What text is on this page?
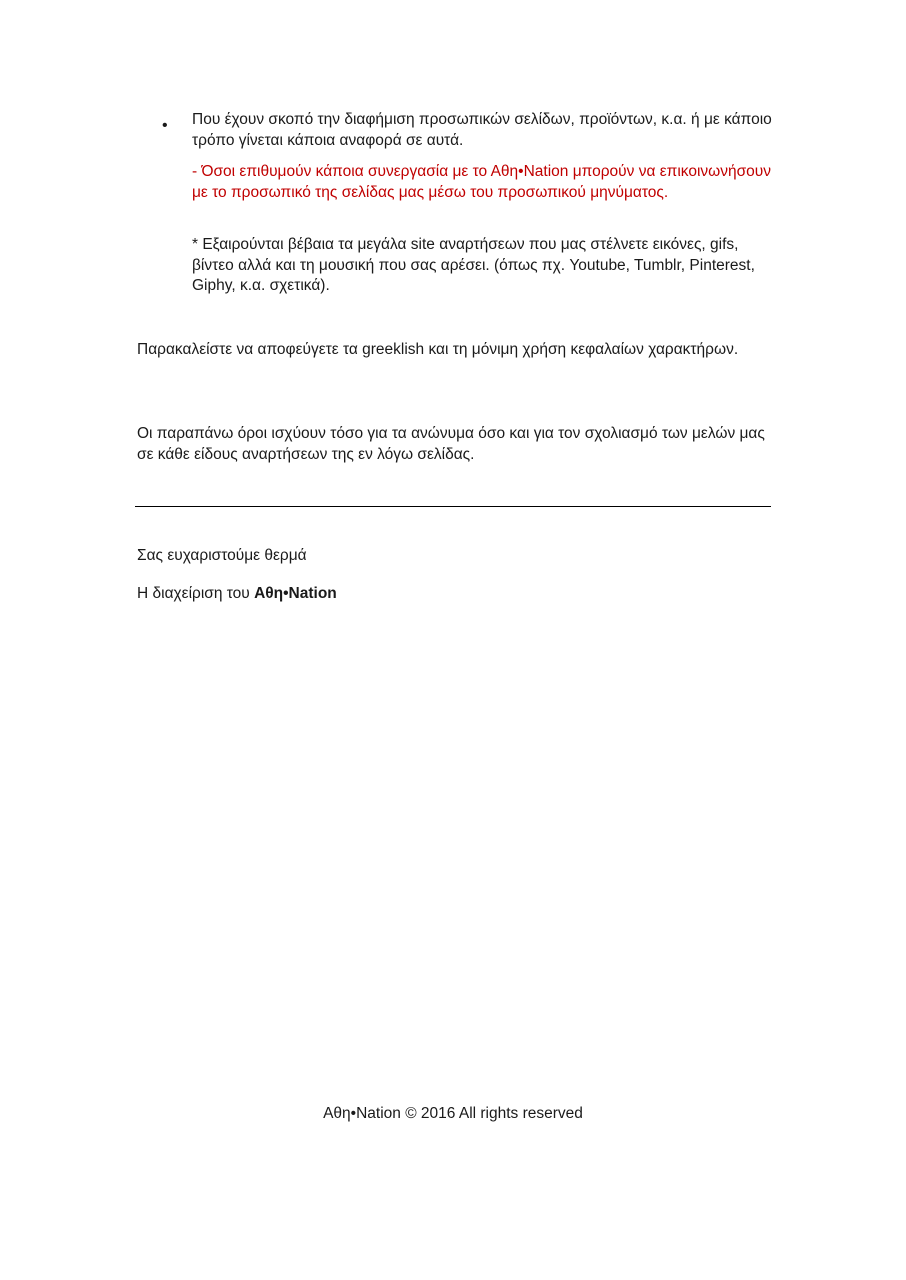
• Που έχουν σκοπό την διαφήμιση προσωπικών σελίδων, προϊόντων, κ.α. ή με κάποιο τρόπο γίνεται κάποια αναφορά σε αυτά.
- Όσοι επιθυμούν κάποια συνεργασία με το Αθη•Nation μπορούν να επικοινωνήσουν με το προσωπικό της σελίδας μας μέσω του προσωπικού μηνύματος.
* Εξαιρούνται βέβαια τα μεγάλα site αναρτήσεων που μας στέλνετε εικόνες, gifs, βίντεο αλλά και τη μουσική που σας αρέσει. (όπως πχ. Youtube, Tumblr, Pinterest, Giphy, κ.α. σχετικά).
Παρακαλείστε να αποφεύγετε τα greeklish και τη μόνιμη χρήση κεφαλαίων χαρακτήρων.
Οι παραπάνω όροι ισχύουν τόσο για τα ανώνυμα όσο και για τον σχολιασμό των μελών μας σε κάθε είδους αναρτήσεων της εν λόγω σελίδας.
Σας ευχαριστούμε θερμά
Η διαχείριση του Αθη•Nation
Αθη•Nation © 2016 All rights reserved
